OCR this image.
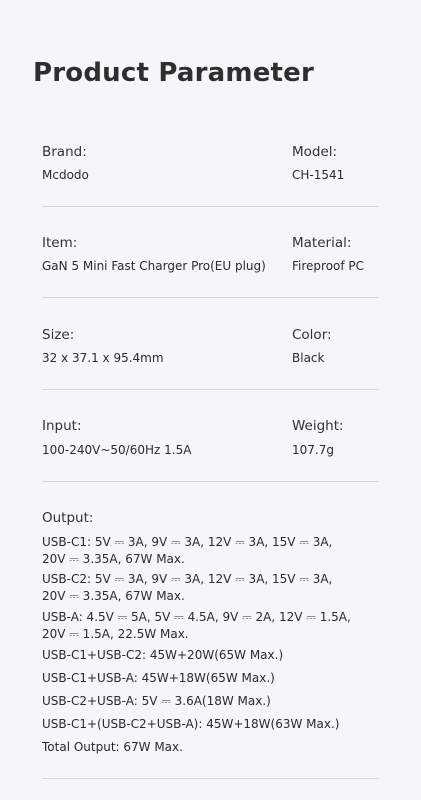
Product Parameter
Brand:
Mcdodo
Model:
CH-1541
Item:
GaN 5 Mini Fast Charger Pro(EU plug)
Material:
Fireproof PC
Size:
32 x 37.1 x 95.4mm
Color:
Black
Input:
100-240V~50/60Hz 1.5A
Weight:
107.7g
Output:
USB-C1: 5V ⎓ 3A, 9V ⎓ 3A, 12V ⎓ 3A, 15V ⎓ 3A,
20V ⎓ 3.35A, 67W Max.
USB-C2: 5V ⎓ 3A, 9V ⎓ 3A, 12V ⎓ 3A, 15V ⎓ 3A,
20V ⎓ 3.35A, 67W Max.
USB-A: 4.5V ⎓ 5A, 5V ⎓ 4.5A, 9V ⎓ 2A, 12V ⎓ 1.5A,
20V ⎓ 1.5A, 22.5W Max.
USB-C1+USB-C2: 45W+20W(65W Max.)
USB-C1+USB-A: 45W+18W(65W Max.)
USB-C2+USB-A: 5V ⎓ 3.6A(18W Max.)
USB-C1+(USB-C2+USB-A): 45W+18W(63W Max.)
Total Output: 67W Max.
